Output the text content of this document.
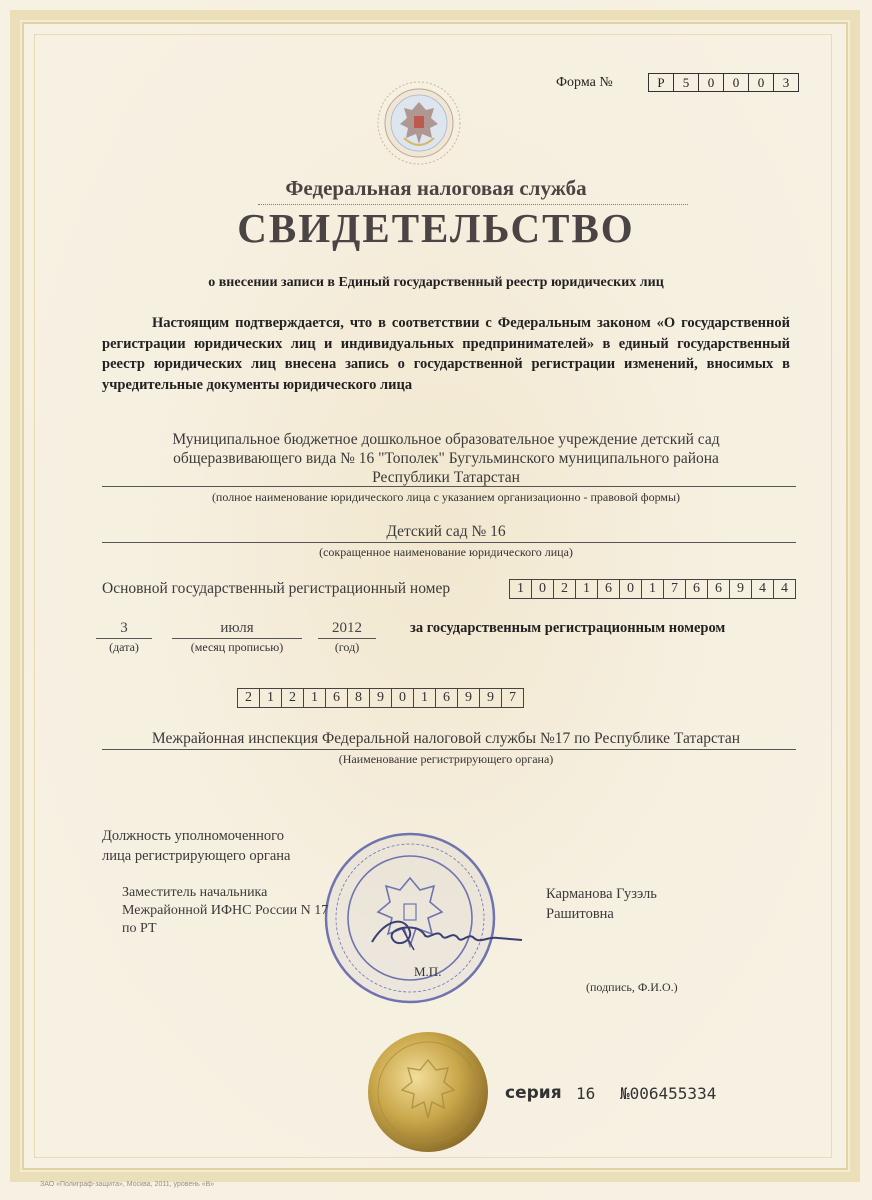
Форма №	Р	5	0	0	0	3
Федеральная налоговая служба
СВИДЕТЕЛЬСТВО
о внесении записи в Единый государственный реестр юридических лиц
Настоящим подтверждается, что в соответствии с Федеральным законом «О государственной регистрации юридических лиц и индивидуальных предпринимателей» в единый государственный реестр юридических лиц внесена запись о государственной регистрации изменений, вносимых в учредительные документы юридического лица
Муниципальное бюджетное дошкольное образовательное учреждение детский сад
общеразвивающего вида № 16 "Тополек" Бугульминского муниципального района
Республики Татарстан
(полное наименование юридического лица с указанием организационно - правовой формы)
Детский сад № 16
(сокращенное наименование юридического лица)
Основной государственный регистрационный номер	1	0	2	1	6	0	1	7	6	6	9	4	4
3
(дата)
июля
(месяц прописью)
2012
(год)
за государственным регистрационным номером
2	1	2	1	6	8	9	0	1	6	9	9	7
Межрайонная инспекция Федеральной налоговой службы №17 по Республике Татарстан
(Наименование регистрирующего органа)
Должность уполномоченного
лица регистрирующего органа
Заместитель начальника
Межрайонной ИФНС России N 17
по РТ
Карманова Гузэль
Рашитовна
М.П.
(подпись, Ф.И.О.)
серия 16 №006455334
ЗАО «Полиграф-защита», Москва, 2011, уровень «В»
